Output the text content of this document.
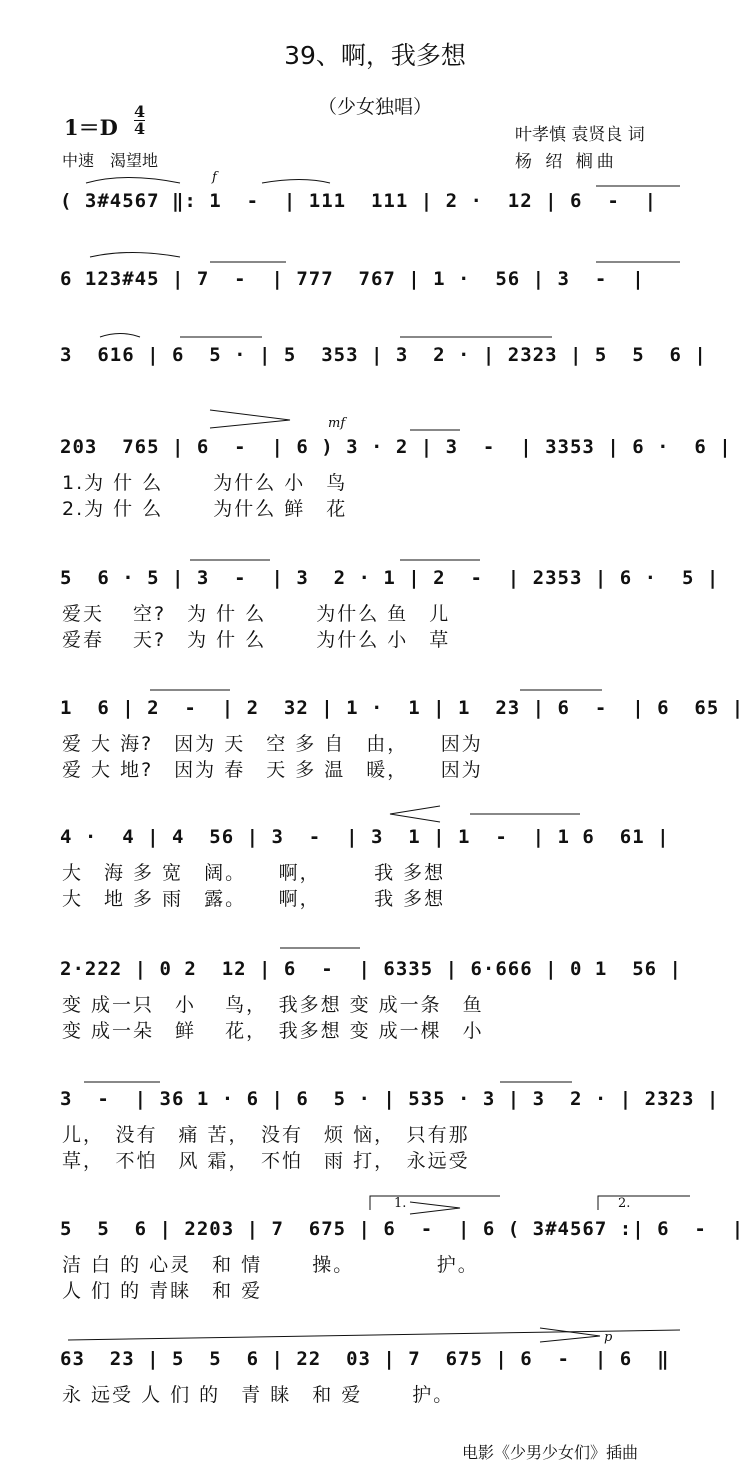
39、啊，我多想
（少女独唱）
1＝D
4
4
中速　渴望地
叶孝慎 袁贤良 词
杨 绍 榈曲
( 3#4567 ‖: 1  -  | 111  111 | 2 ·  12 | 6  -  |
6 123#45 | 7  -  | 777  767 | 1 ·  56 | 3  -  |
3  616 | 6  5 · | 5  353 | 3  2 · | 2323 | 5  5  6 |
203  765 | 6  -  | 6 ) 3 · 2 | 3  -  | 3353 | 6 ·  6 |
1.为 什 么　　 为什么 小　鸟
2.为 什 么　　 为什么 鲜　花
5  6 · 5 | 3  -  | 3  2 · 1 | 2  -  | 2353 | 6 ·  5 |
爱天　 空?　为 什 么　　 为什么 鱼　儿
爱春　 天?　为 什 么　　 为什么 小　草
1  6 | 2  -  | 2  32 | 1 ·  1 | 1  23 | 6  -  | 6  65 |
爱 大 海?　因为 天　空 多 自　由，　　因为
爱 大 地?　因为 春　天 多 温　暖，　　因为
4 ·  4 | 4  56 | 3  -  | 3  1 | 1  -  | 1 6  61 |
大　海 多 宽　阔。　　啊，　　　我 多想
大　地 多 雨　露。　　啊，　　　我 多想
2·222 | 0 2  12 | 6  -  | 6335 | 6·666 | 0 1  56 |
变 成一只　小　 鸟，　我多想 变 成一条　鱼
变 成一朵　鲜　 花，　我多想 变 成一棵　小
3  -  | 36 1 · 6 | 6  5 · | 535 · 3 | 3  2 · | 2323 |
儿，　没有　痛 苦，　没有　烦 恼，　只有那
草，　不怕　风 霜，　不怕　雨 打，　永远受
5  5  6 | 2203 | 7  675 | 6  -  | 6 ( 3#4567 :| 6  -  |
洁 白 的 心灵　和 情　　 操。　　　　 护。
人 们 的 青睐　和 爱
63  23 | 5  5  6 | 22  03 | 7  675 | 6  -  | 6  ‖
永 远受 人 们 的　青 睐　和 爱　　 护。
f
mf
p
1.	2.
电影《少男少女们》插曲
